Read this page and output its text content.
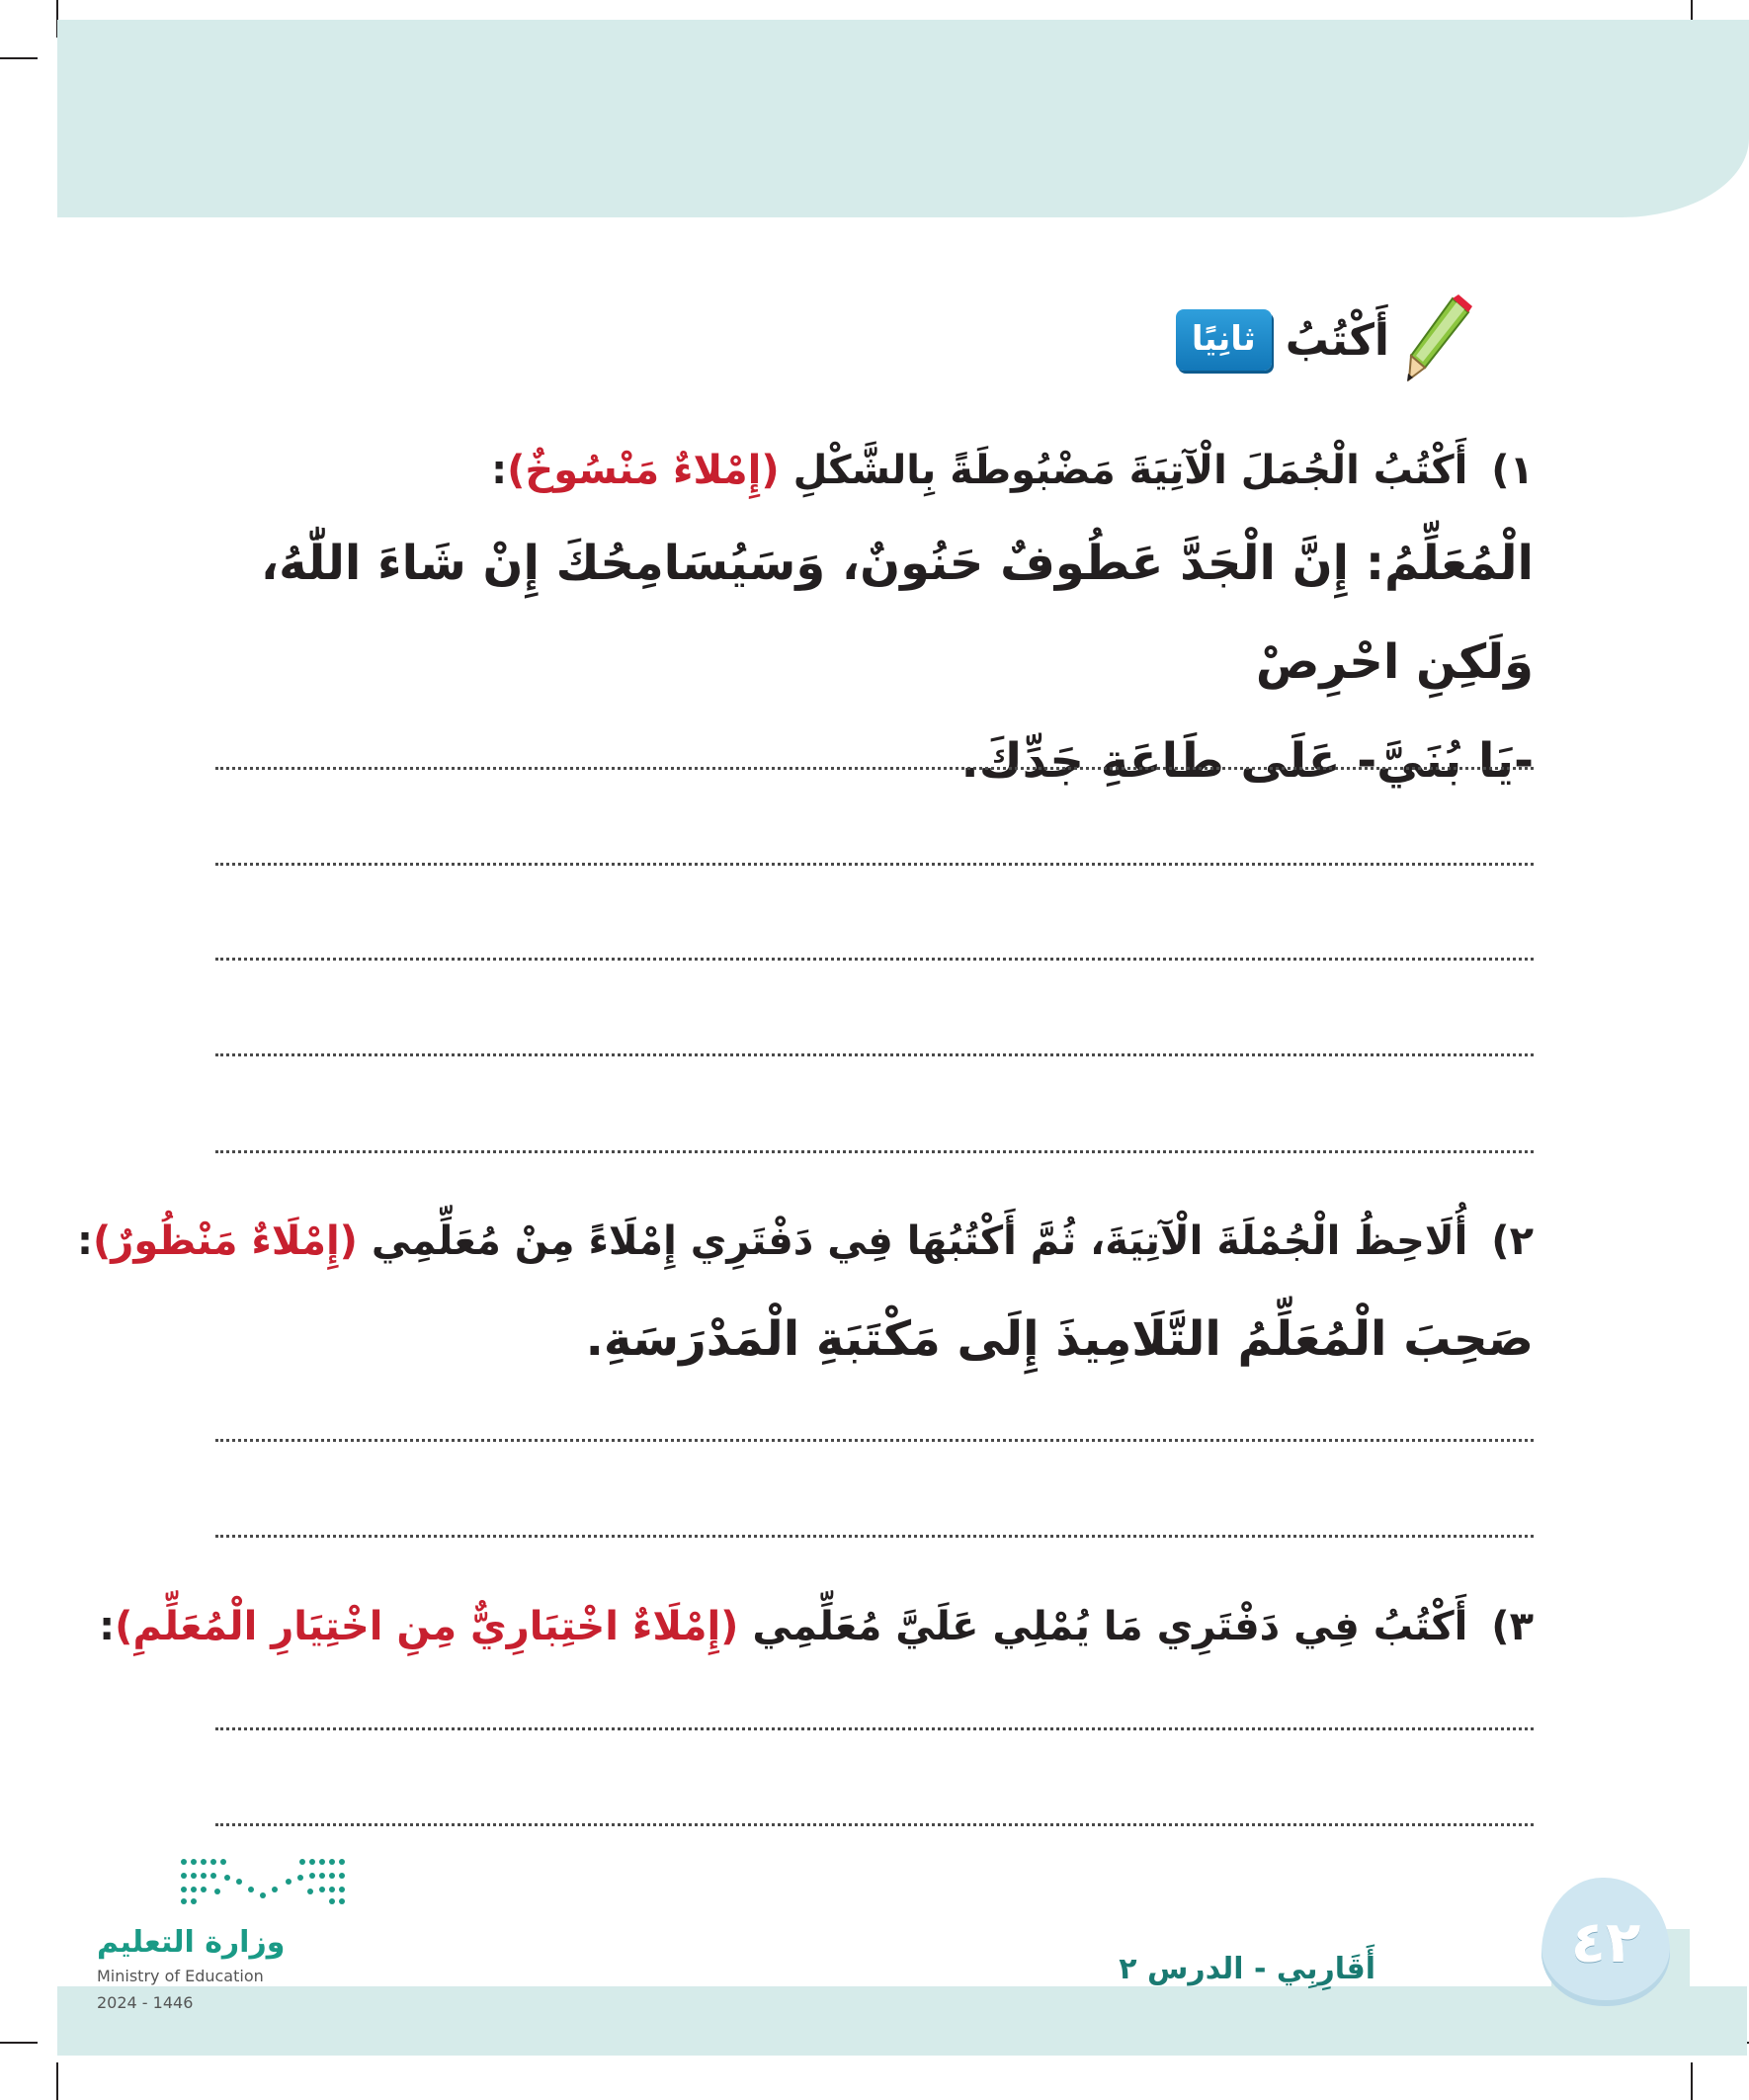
ثانِيًا أَكْتُبُ
١) أَكْتُبُ الْجُمَلَ الْآتِيَةَ مَضْبُوطَةً بِالشَّكْلِ (إِمْلاءٌ مَنْسُوخٌ):
الْمُعَلِّمُ: إِنَّ الْجَدَّ عَطُوفٌ حَنُونٌ، وَسَيُسَامِحُكَ إِنْ شَاءَ اللّٰهُ، وَلَكِنِ احْرِصْ
-يَا بُنَيَّ- عَلَى طَاعَةِ جَدِّكَ.
٢) أُلَاحِظُ الْجُمْلَةَ الْآتِيَةَ، ثُمَّ أَكْتُبُهَا فِي دَفْتَرِي إِمْلَاءً مِنْ مُعَلِّمِي (إِمْلَاءٌ مَنْظُورٌ):
صَحِبَ الْمُعَلِّمُ التَّلَامِيذَ إِلَى مَكْتَبَةِ الْمَدْرَسَةِ.
٣) أَكْتُبُ فِي دَفْتَرِي مَا يُمْلِي عَلَيَّ مُعَلِّمِي (إِمْلَاءٌ اخْتِبَارِيٌّ مِنِ اخْتِيَارِ الْمُعَلِّمِ):
٤٢
أَقَارِبِي - الدرس ٢
وزارة التعليم
Ministry of Education
2024 - 1446
